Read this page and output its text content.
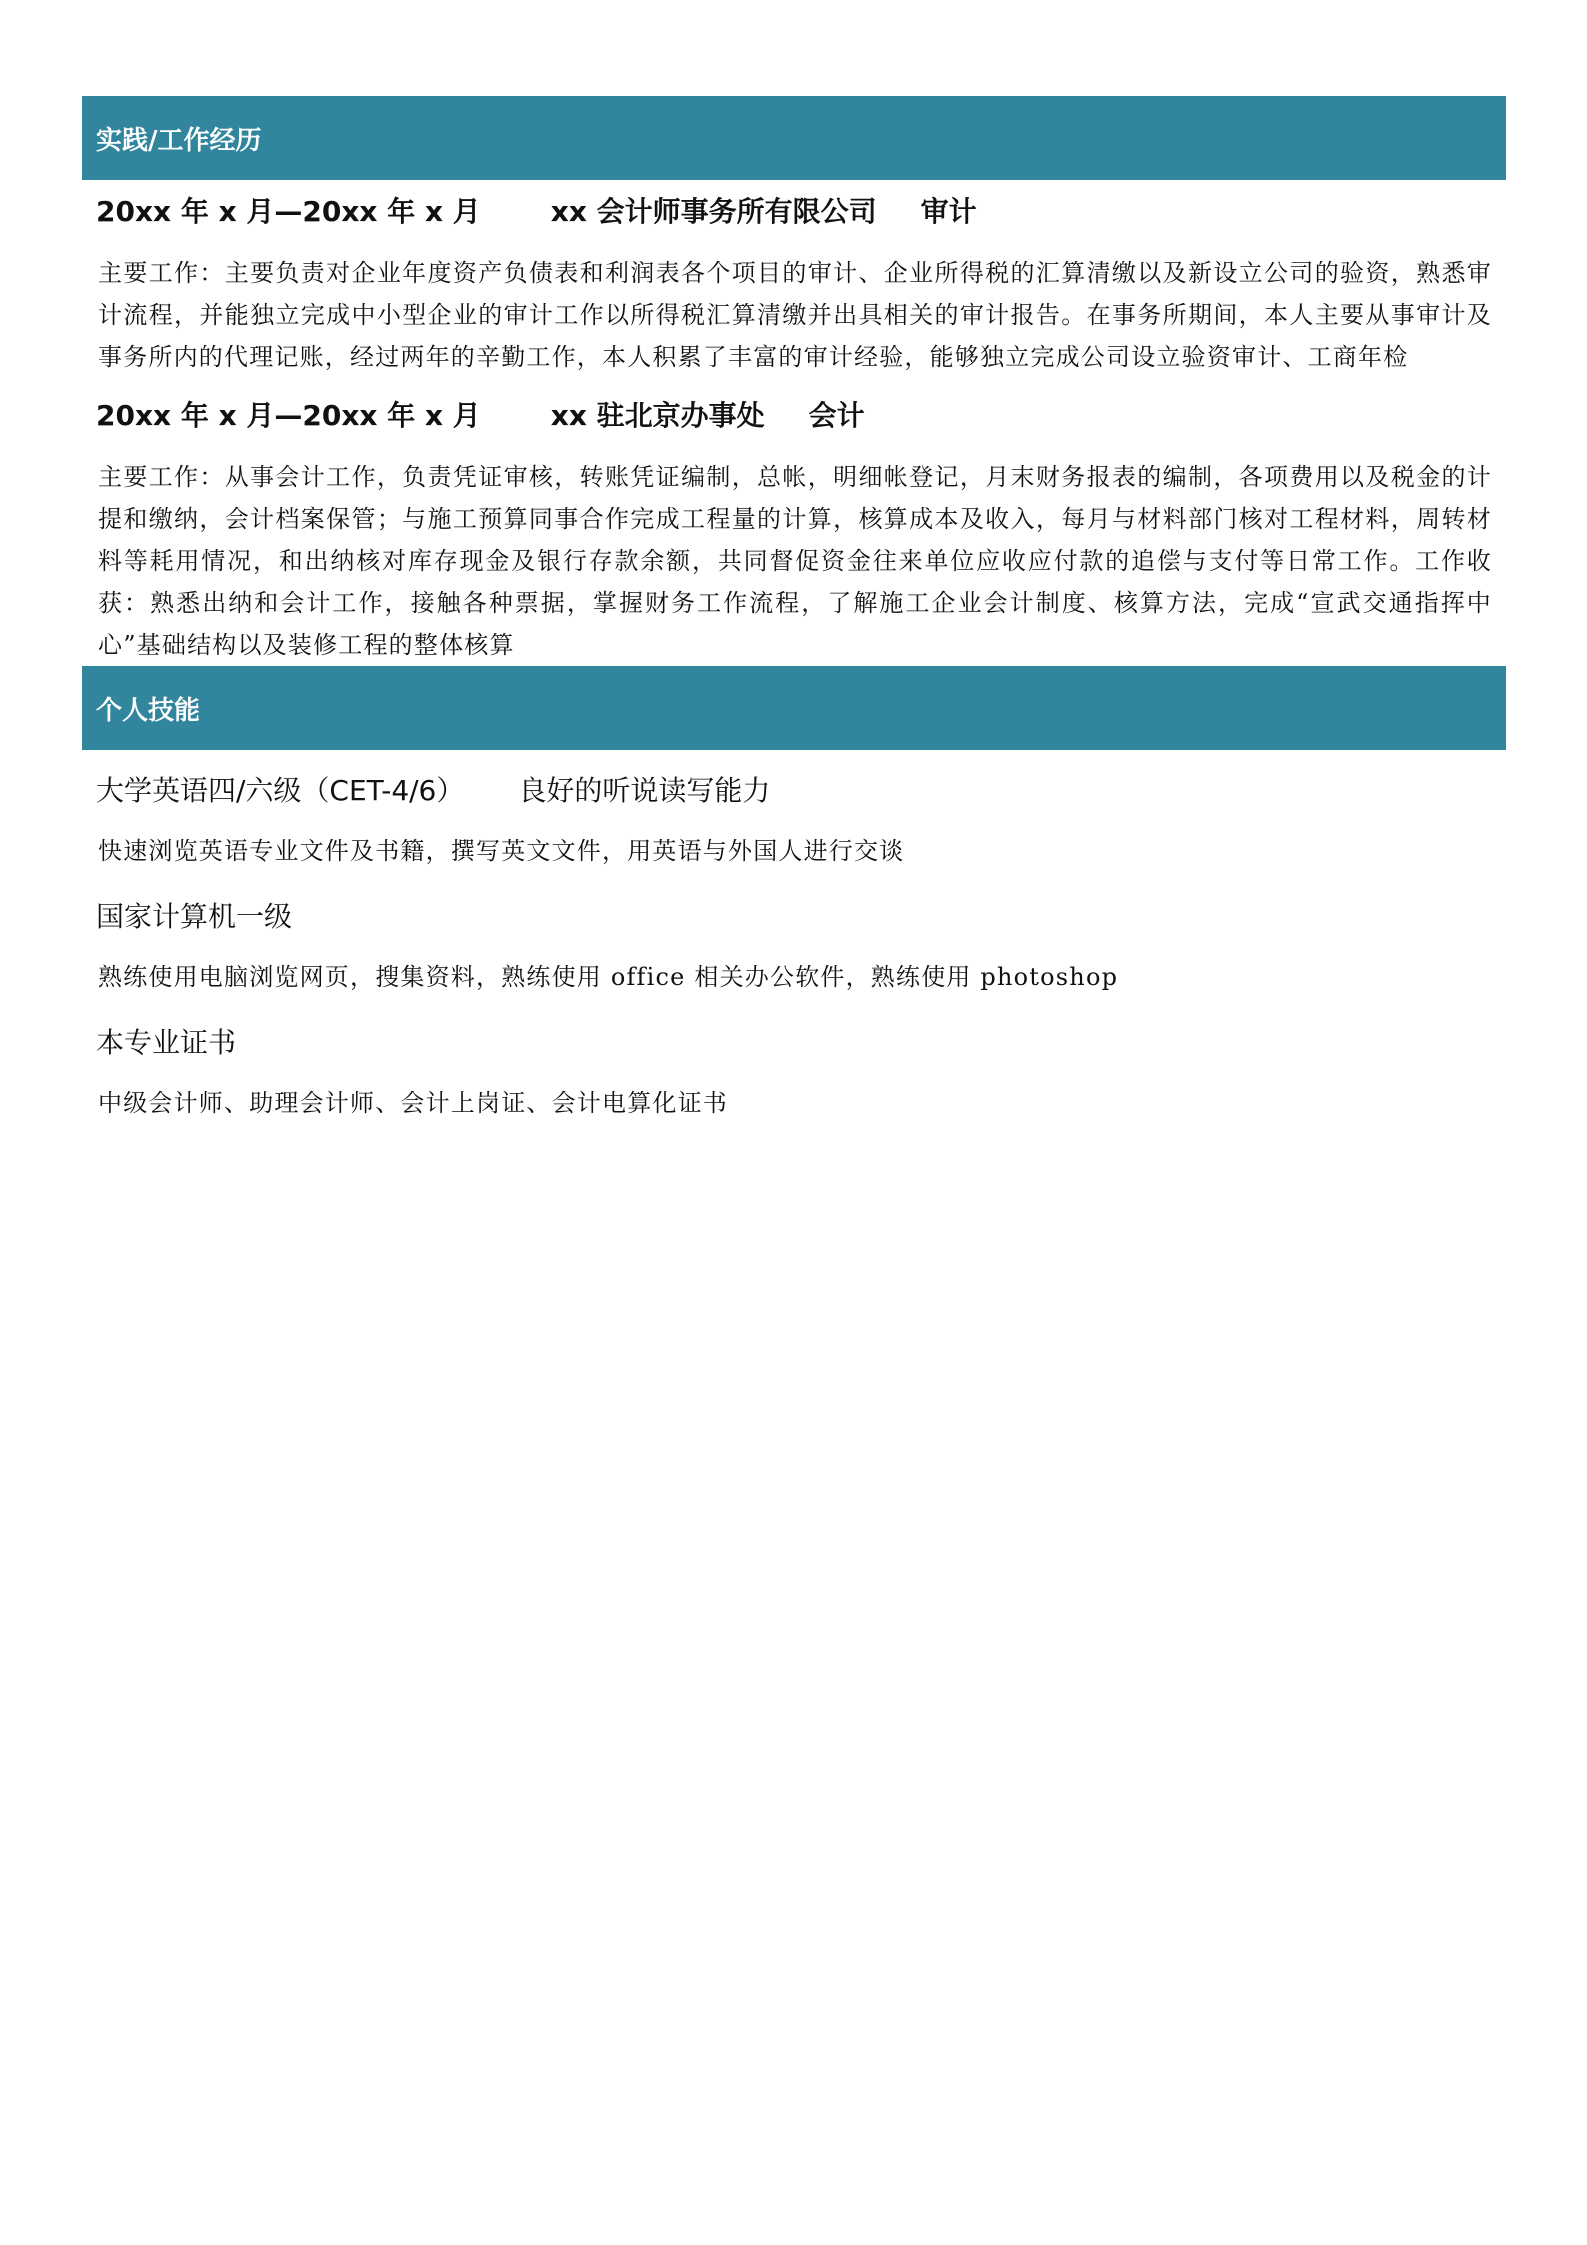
实践/工作经历
20xx 年 x 月—20xx 年 x 月	xx 会计师事务所有限公司 审计
主要工作：主要负责对企业年度资产负债表和利润表各个项目的审计、企业所得税的汇算清缴以及新设立公司的验资，熟悉审计流程，并能独立完成中小型企业的审计工作以所得税汇算清缴并出具相关的审计报告。在事务所期间，本人主要从事审计及事务所内的代理记账，经过两年的辛勤工作，本人积累了丰富的审计经验，能够独立完成公司设立验资审计、工商年检
20xx 年 x 月—20xx 年 x 月	xx 驻北京办事处 会计
主要工作：从事会计工作，负责凭证审核，转账凭证编制，总帐，明细帐登记，月末财务报表的编制，各项费用以及税金的计提和缴纳，会计档案保管；与施工预算同事合作完成工程量的计算，核算成本及收入，每月与材料部门核对工程材料，周转材料等耗用情况，和出纳核对库存现金及银行存款余额，共同督促资金往来单位应收应付款的追偿与支付等日常工作。工作收获：熟悉出纳和会计工作，接触各种票据，掌握财务工作流程，了解施工企业会计制度、核算方法，完成“宣武交通指挥中心”基础结构以及装修工程的整体核算
个人技能
大学英语四/六级（CET-4/6） 良好的听说读写能力
快速浏览英语专业文件及书籍，撰写英文文件，用英语与外国人进行交谈
国家计算机一级
熟练使用电脑浏览网页，搜集资料，熟练使用 office 相关办公软件，熟练使用 photoshop
本专业证书
中级会计师、助理会计师、会计上岗证、会计电算化证书
